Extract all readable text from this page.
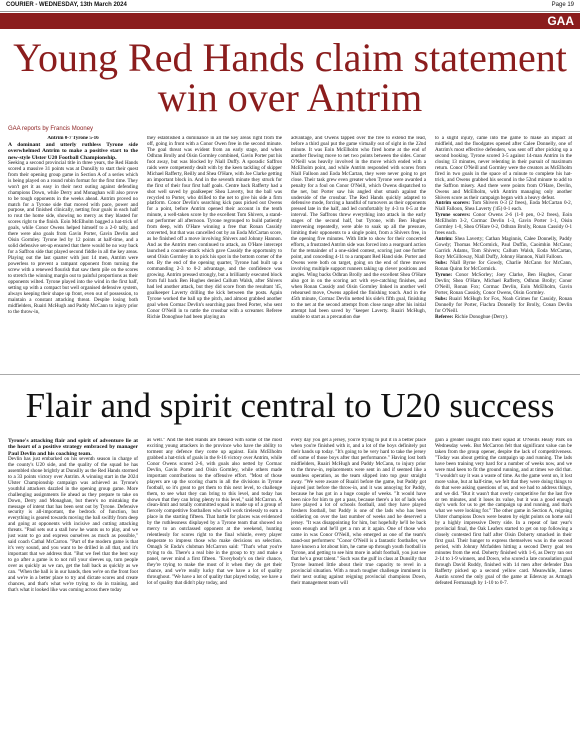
COURIER - WEDNESDAY, 13th March 2024	Page 19
GAA
Young Red Hands claim statement win over Antrim
GAA reports by Francis Mooney

Antrim 0-7 Tyrone 5-16

A dominant and utterly ruthless Tyrone side overwhelmed Antrim to make a positive start to the new-style Ulster U20 Football Championship.

Seeking a second provincial title in three years, the Red Hands scored a massive 31 points was at Dunsilly to start their quest from their opening group game in Section A of a series which is being played on a round robin format for the first time. They won't get it as easy in their next outing against defending champions Down, while Derry and Monaghan will also prove to be tough opponents in the weeks ahead. Antrim proved no match for a Tyrone side that moved with pace, power and purpose, and finished clinically, netting four goals in each half to rout the home side, showing no mercy as they blasted for scores right to the finish. Eoin McElholm bagged a hat-trick of goals, while Conor Owens helped himself to a 2-0 tally, and there were also goals from Gavin Porter, Gavin Devlin and Oisin Gormley. Tyrone led by 12 points at half-time, and a solid defensive set-up ensured that there would be no way back for a Saffron side that played second fiddle in all the key areas. Playing out the last quarter with just 14 men, Antrim were powerless to prevent a rampant opponent from turning the screw with a renewed flourish that saw them pile on the scores to stretch the winning margin out to painful proportions as their opponents wilted. Tyrone played into the wind in the first half, setting up with a compact but well organised defensive system, always keeping their shape up front, even out of possession, to maintain a constant attacking threat. Despite losing both midfielders, Ruairi McHugh and Paddy McCann to injury prior to the throw-in,

they established a dominance in all the key areas right from the off, going in front with a Conor Owen free in the second minute. The goal threat was evident from an early stage, and when Odhran Brolly and Oisin Gormley combined, Gavin Porter put his foot away, but was blocked by Niall Duffy. A sporadic Saffron raids were competently dealt with by the keen tackling of skipper Michael Rafferty, Reilly and Shea O'Hare, with Joe Clarke getting an important block in. And in the seventh minute they struck for the first of their four first half goals. Centre back Rafferty had a shot well saved by goalkeeper Shea Laverty, but the ball was recycled to Porter, who drilled to the net to give his side a firm platform. Conor Devlin's searching kick pass picked out Owens for a point, before Antrim opened their account in the tenth minute, a well-taken score by the excellent Tom Shivers, a stand-out performer all afternoon. Tyrone regrouped to build patiently from deep, with O'Hare winning a free that Ronan Cassidy converted, but that was cancelled out by an Eoda McCartan score, as he finished off a move involving Shivers and Johnny Hannon. And as the Antrim men continued to attack, an O'Hare intercept launched a counter-attack which gave Cassidy the opportunity to send Oisin Gormley in to pick his spot in the bottom corner of the net. By the end of the opening quarter, Tyrone had built up a commanding 2-3 to 0-2 advantage, and the confidence was growing. Antrim pressed strongly, but a brilliantly executed block from full back Ben Hughes denied Callum Walsh, after Shivers had led another attack, but they did score from the resultant '45, goalkeeper Laverty drilling the kick between the posts. Again Tyrone worked the ball up the pitch, and almost grabbed another goal when Cormac Devlin's searching pass freed Porter, who sent Conor O'Neill in to rattle the crossbar with a screamer. Referee Richie Donoghue had been playing an

advantage, and Owens tapped over the free to extend the lead, before a third goal put the game virtually out of sight in the 22nd minute. It was Eoin McElholm who fired home at the end of another flowing move to net two points between the sides. Conor O'Neill was heavily involved in the move which ended with a McElholm point, and while Antrim responded with scores from Niall Falloon and Eoda McCartan, they were never going to get close. Their task grew even greater when Tyrone were awarded a penalty for a foul on Conor O'Neill, which Owens dispatched to the net, but Porter saw his angled shot smash against the underside of the crossbar. The Red Hands quickly adapted to defensive mode, forcing a handful of turnovers as their opponents pressed late in the half, and led comfortably by 4-3 to 0-5 at the interval. The Saffrons threw everything into attack in the early stages of the second half, but Tyrone, with Ben Hughes intervening repeatedly, were able to soak up all the pressure, limiting their opponents to a single point, from a Shivers free, in the opening five minutes. With little to show for their concerted efforts, a frustrated Antrim side was forced into a rearguard action for the remainder of a one-sided contest, scoring just one further point, and conceding 4-11 to a rampant Red Hand side. Porter and Owens were both on target, going on the end of three moves involving multiple support runners taking up clever positions and angles. Wing backs Odhran Brolly and the excellent Shea O'Hare also got in on the scoring act with eye-catching finishes, and when Ronan Cassidy and Oisin Gormley linked in another well rehearsed move, Owens applied the finishing touch. And in the 45th minute, Cormac Devlin netted his side's fifth goal, finishing to the net at the second attempt from close range after his initial attempt had been saved by "keeper Laverty. Ruairi McHugh, unable to start as a precaution due

to a slight injury, came into the game to make an impact at midfield, and the floodgates opened after Calee Donnelly, one of Antrim's most effective defenders, was sent off after picking up a second booking. Tyrone scored 3-5 against 14-man Antrim in the closing 13 minutes, never relenting in their pursuit of maximum return. Conor O'Neill and Gormley were the creators as McElholm fired in two goals in the space of a minute to complete his hat-trick, and Owens grabbed his second in the 52nd minute to add to the Saffron misery. And there were points from O'Hare, Devlin, Owens and McElholm, with Antrim managing only another Shivers score as their campaign began with a heavy defeat.

Antrim scorers: Tom Shivers 0-3 (2 frees), Eoda McCartan 0-2, Niall Falloon, Shea Laverty ('45) 0-1 each.

Tyrone scorers: Conor Owens 2-6 (1-0 pen, 0-2 frees), Eoin McElholm 3-2, Cormac Devlin 1-3, Gavin Porter 1-1, Oisin Gormley 1-0, Shea O'Hare 0-2, Odhran Brolly, Ronan Cassidy 0-1 frees each.

Antrim: Shea Laverty; Cathan Maginnis, Calee Donnelly, Paddy Gowdy; Thomas McCormick, Paul Duffin, Caoimhin McCann; Garrick Adams, Tom Shivers; Callum Walsh, Eoda McCartan, Rory McGilloway, Niall Duffy, Johnny Hannon, Niall Falloon.

Subs: Niall Byrne for Gowdy, Charlie McCann for McCann, Ronan Quinn for McCormick.

Tyrone: Conor McSorley; Joey Clarke, Ben Hughes, Conor Devlin; Shea O'Hare, Michael Rafferty, Odhran Brolly; Conor O'Neill, Ronan Fox; Cormac Devlin, Eoin McElholm, Gavin Porter, Ronan Cassidy, Conor Owens, Oisin Gormley.

Subs: Ruairi McHugh for Fox, Noah Grimes for Cassidy, Ronan Donnelly for Porter, Fiachra Donnelly for Brolly, Conan Devlin for O'Neill.

Referee: Richie Donoghue (Derry).

Flair and spirit central to U20 success

Tyrone's attacking flair and spirit of adventure lie at the heart of a positive strategy embraced by manager Paul Devlin and his coaching team.

Devlin has just embarked on his seventh season in charge of the county's U20 side, and the quality of the squad he has assembled shone brightly at Dunsilly as the Red Hands stormed to a 33 points victory over Antrim. A winning start in the 2024 Ulster Championship campaign was achieved as Tyrone's youthful attackers dazzled in the opening group game. More challenging assignments lie ahead as they prepare to take on Down, Derry and Monaghan, but there's no mistaking the message of intent that has been sent out by Tyrone. Defensive security is all-important, the bedrock of function, but everything is geared towards moving the ball swiftly from deep and going at opponents with incisive and cutting attacking threats. "Paul sets out a stall how he wants us to play, and we just want to go and express ourselves as much as possible," said coach Cathal McCarron. "Part of the modern game is that it's very sound, and you want to be drilled in all that, and it's important that we address that. "But we feel that the best way to go after a game is to not roll your sleeves up, turn people over as quickly as we can, get the ball back as quickly as we can. "When the ball is in our hands, then we're on the front foot and we're in a better place to try and dictate scores and create chances, and that's what we're trying to do in training, and that's what it looked like was coming across there today

as well." And the Red Hands are blessed with some of the most exciting young attackers in the province who have the ability to torment any defence they come up against. Eoin McElholm grabbed a hat-trick of goals in the 8-16 victory over Antrim, while Conor Owens scored 2-6, with goals also netted by Cormac Devlin, Gavin Porter and Oisin Gormley, while others made important contributions to the offensive effort. "Most of those players are up the scoring charts in all the divisions in Tyrone football, so it's great to get them to this next level, to challenge them, to see what they can bring to this level, and today has shown that they can bring plenty to this level," said McCarron. A clean-limit and totally committed squad is made up of a group of fiercely competitive footballers who will work tirelessly to earn a place in the starting fifteen. That battle for places was evidenced by the ruthlessness displayed by a Tyrone team that showed no mercy to an outclassed opponent at the weekend, hunting relentlessly for scores right to the final whistle, every player desperate to impress those who make decisions on selection. Omagh St Enda's clubman McCarron said: "That's what you're trying to do. There's a real bite in the group to try and make a panel, never mind a first fifteen. "Everybody's on their chance, they're trying to make the most of it when they do get their chance, and we're really lucky that we have a lot of quality throughout. "We have a lot of quality that played today, we have a lot of quality that didn't play today, and

every day you get a jersey, you're trying to put it in a better place when you're finished with it, and a lot of the boys definitely put their hands up today. "It's going to be very hard to take the jersey off some of those boys after that performance." Having lost both midfielders, Ruairi McHugh and Paddy McCann, to injury prior to the throw-in, replacements were sent in and if seemed like a seamless operation, as the team slipped into top gear straight away. "We were aware of Ruairi before the game, but Paddy got injured just before the throw-in, and it was annoying for Paddy, because he has got in a huge couple of weeks. "It would have been nice for him to get a pass, because there's a lot of lads who have played a lot of schools football, and they have played freshers football, but Paddy is one of the lads who has been soldiering on over the last number of weeks and he deserved a jersey. "It was disappointing for him, but hopefully he'll be back soon enough and he'll get a run at it again. One of those who came in was Conor O'Neill, who emerged as one of the team's stand-out performers: "Conor O'Neill is a fantastic footballer, we have known a lot about him, he came up through youth football in Tyrone, and getting to see him more in adult football, you just see that he's a great talent." Such was the gulf in class at Dunsilly that Tyrone learned little about their true capacity to revel in a provincial situation. With a much tougher challenge imminent in their next outing against reigning provincial champions Down, their management team will

gain a greater insight into their squad at O'Neills Healy Park on Wednesday week. But McCarron felt that significant value can be taken from the group opener, despite the lack of competitiveness. "Today was about getting the campaign up and running. The lads have been training very hard for a number of weeks now, and we were mad keen to fit the ground running, and at times we did that. "I wouldn't say it was a waste of time. As the game went on, it lost more value, but at half-time, we felt that they were doing things to do that were asking questions of us, and we had to address things, and we did. "But it wasn't that overly competitive for the last five or ten minutes, and it loses its value, but it was a good enough day's work for us to get the campaign up and running, and that's what we were looking for." The other game in Section A, reigning Ulster champions Down were beaten by eight points on home soil by a highly impressive Derry side. In a repeat of last year's provincial final, the Oak Leafers started to get on top following a closely contested first half after Oisin Doherty smacked in their first goal. Their hunger to express themselves was in the second period, with Johnny Mcfadden hitting a second Derry goal ten minutes from the end. Doherty finished with 1-6, as Derry ran out 2-14 to 1-9 winners, and Down, who scored a late consolation goal through David Ruddy, finished with 14 men after defender Dan Rafferty picked up a second yellow card. Meanwhile, James Austin scored the only goal of the game at Edenvay as Armagh defeated Fermanagh by 1-10 to 0-7.
